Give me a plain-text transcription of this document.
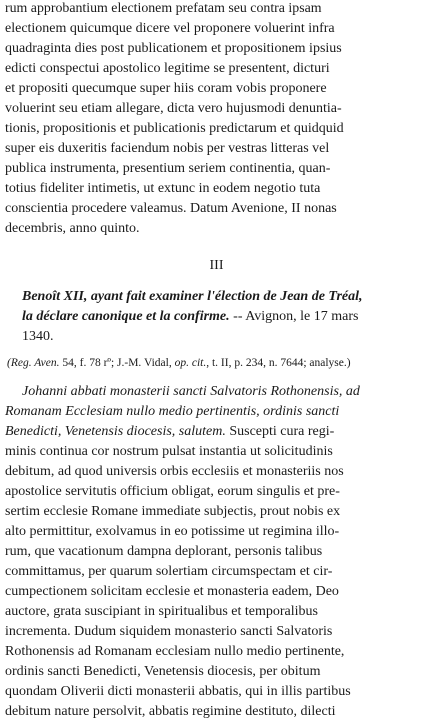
rum approbantium electionem prefatam seu contra ipsam
electionem quicumque dicere vel proponere voluerint infra
quadraginta dies post publicationem et propositionem ipsius
edicti conspectui apostolico legitime se presentent, dicturi
et propositi quecumque super hiis coram vobis proponere
voluerint seu etiam allegare, dicta vero hujusmodi denuntia-
tionis, propositionis et publicationis predictarum et quidquid
super eis duxeritis faciendum nobis per vestras litteras vel
publica instrumenta, presentium seriem continentia, quan-
totius fideliter intimetis, ut extunc in eodem negotio tuta
conscientia procedere valeamus. Datum Avenione, II nonas
decembris, anno quinto.
III
Benoît XII, ayant fait examiner l'élection de Jean de Tréal,
la déclare canonique et la confirme. -- Avignon, le 17 mars
1340.
(Reg. Aven. 54, f. 78 rº; J.-M. Vidal, op. cit., t. II, p. 234, n. 7644; analyse.)
Johanni abbati monasterii sancti Salvatoris Rothonensis, ad
Romanam Ecclesiam nullo medio pertinentis, ordinis sancti
Benedicti, Venetensis diocesis, salutem. Suscepti cura regi-
minis continua cor nostrum pulsat instantia ut solicitudinis
debitum, ad quod universis orbis ecclesiis et monasteriis nos
apostolice servitutis officium obligat, eorum singulis et pre-
sertim ecclesie Romane immediate subjectis, prout nobis ex
alto permittitur, exolvamus in eo potissime ut regimina illo-
rum, que vacationum dampna deplorant, personis talibus
committamus, per quarum solertiam circumspectam et cir-
cumpectionem solicitam ecclesie et monasteria eadem, Deo
auctore, grata suscipiant in spiritualibus et temporalibus
incrementa. Dudum siquidem monasterio sancti Salvatoris
Rothonensis ad Romanam ecclesiam nullo medio pertinente,
ordinis sancti Benedicti, Venetensis diocesis, per obitum
quondam Oliverii dicti monasterii abbatis, qui in illis partibus
debitum nature persolvit, abbatis regimine destituto, dilecti
